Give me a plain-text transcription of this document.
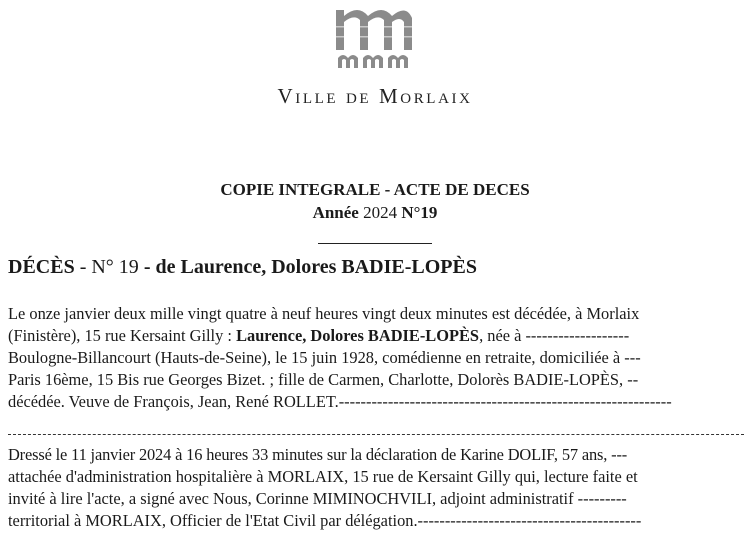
Ville de Morlaix
COPIE INTEGRALE - ACTE DE DECES
Année 2024 N°19
DÉCÈS - N° 19 - de Laurence, Dolores BADIE-LOPÈS
Le onze janvier deux mille vingt quatre à neuf heures vingt deux minutes est décédée, à Morlaix
(Finistère), 15 rue Kersaint Gilly : Laurence, Dolores BADIE-LOPÈS, née à -------------------
Boulogne-Billancourt (Hauts-de-Seine), le 15 juin 1928, comédienne en retraite, domiciliée à ---
Paris 16ème, 15 Bis rue Georges Bizet. ; fille de Carmen, Charlotte, Dolorès BADIE-LOPÈS, --
décédée. Veuve de François, Jean, René ROLLET.-------------------------------------------------------------
Dressé le 11 janvier 2024 à 16 heures 33 minutes sur la déclaration de Karine DOLIF, 57 ans, ---
attachée d'administration hospitalière à MORLAIX, 15 rue de Kersaint Gilly qui, lecture faite et
invité à lire l'acte, a signé avec Nous, Corinne MIMINOCHVILI, adjoint administratif ---------
territorial à MORLAIX, Officier de l'Etat Civil par délégation.-----------------------------------------
